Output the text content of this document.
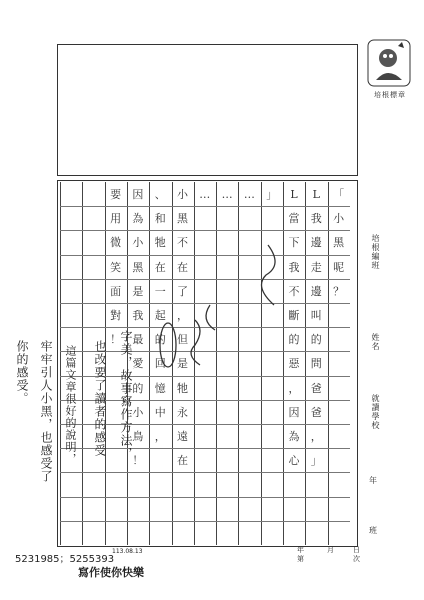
培根標章
「
小
黑
呢
？
L
我
邊
走
邊
叫
的
問
爸
爸
，
」
L
當
下
我
不
斷
的
惡
，
因
為
心
」
…
…
…
小
黑
不
在
了
，
但
是
牠
永
遠
在
、
和
牠
在
一
起
的
回
憶
中
，
因
為
小
黑
是
我
最
愛
的
小
鳥
！
要
用
微
笑
面
對
！
培根編班
姓名
就讀學校
年
班
年
第
月	日
次
字美，故事寫作方法，
也改要了讀者的感受
這篇文章很好的說明，
牢牢引人小黑，也感受了
你的感受。
113.08.13
5231985；5255393
寫作使你快樂
